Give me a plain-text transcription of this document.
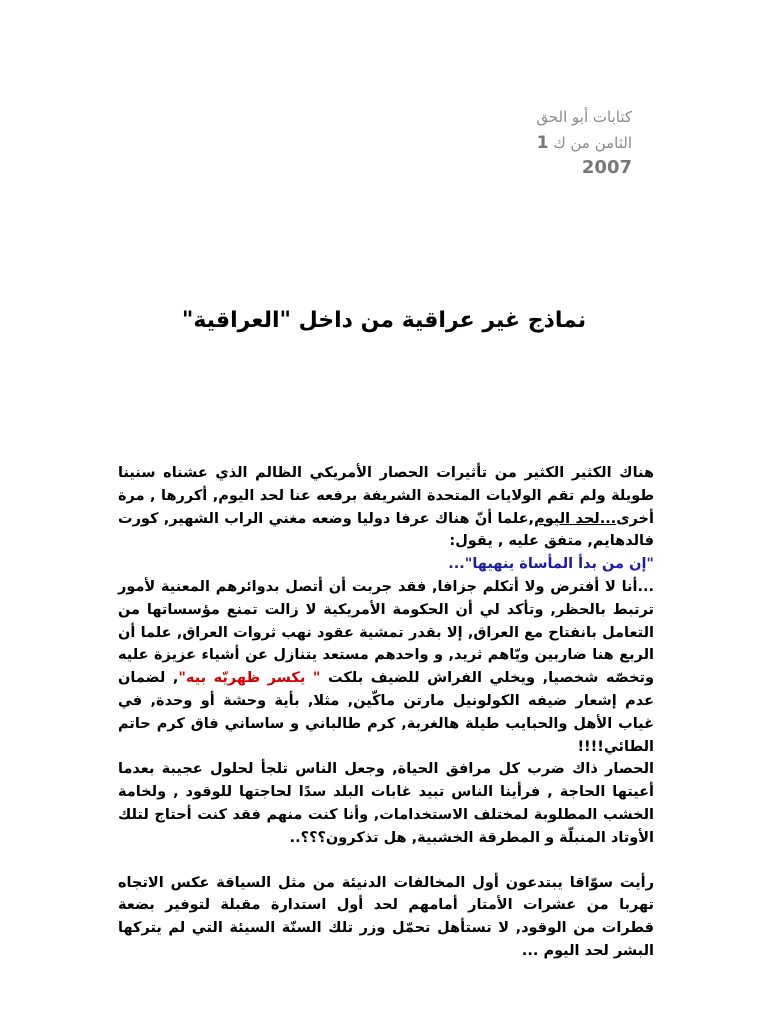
كتابات أبو الحق
الثامن من ك 1
2007
نماذج غير عراقية من داخل "العراقية"

هناك الكثير الكثير من تأثيرات الحصار الأمريكي الظالم الذي عشناه سنينا طويلة ولم تقم الولايات المتحدة الشريفة برفعه عنا لحد اليوم, أكررها , مرة أخرى...لحد اليوم,علما أنّ هناك عرفا دوليا وضعه مغني الراب الشهير, كورت فالدهايم, متفق عليه , يقول:

"إن من بدأ المأساة ينهيها"...

...أنا لا أفترض ولا أتكلم جزافا, فقد جربت أن أتصل بدوائرهم المعنية لأمور ترتبط بالحظر, وتأكد لي أن الحكومة الأمريكية لا زالت تمنع مؤسساتها من التعامل بانفتاح مع العراق, إلا بقدر تمشية عقود نهب ثروات العراق, علما أن الربع هنا ضاربين ويّاهم ثريد, و واحدهم مستعد يتنازل عن أشياء عزيزة عليه وتخصّه شخصيا, ويخلي الفراش للضيف بلكت " يكسر ظهريّه بيه", لضمان عدم إشعار ضيفه الكولونيل مارتن ماكّين, مثلا, بأية وحشة أو وحدة, في غياب الأهل والحبايب طيلة هالغربة, كرم طالباني و ساساني فاق كرم حاتم الطائي!!!!

الحصار ذاك ضرب كل مرافق الحياة, وجعل الناس تلجأ لحلول عجيبة بعدما أعيتها الحاجة , فرأينا الناس تبيد غابات البلد سدًا لحاجتها للوقود , ولخامة الخشب المطلوبة لمختلف الاستخدامات, وأنا كنت منهم فقد كنت أحتاج لتلك الأوتاد المنبلّة و المطرقة الخشبية, هل تذكرون؟؟؟..

رأيت سوّاقا يبتدعون أول المخالفات الدنيئة من مثل السياقة عكس الاتجاه تهربا من عشرات الأمتار أمامهم لحد أول استدارة مقبلة لتوفير بضعة قطرات من الوقود, لا تستأهل تحمّل وزر تلك السنّة السيئة التي لم يتركها البشر لحد اليوم ...
